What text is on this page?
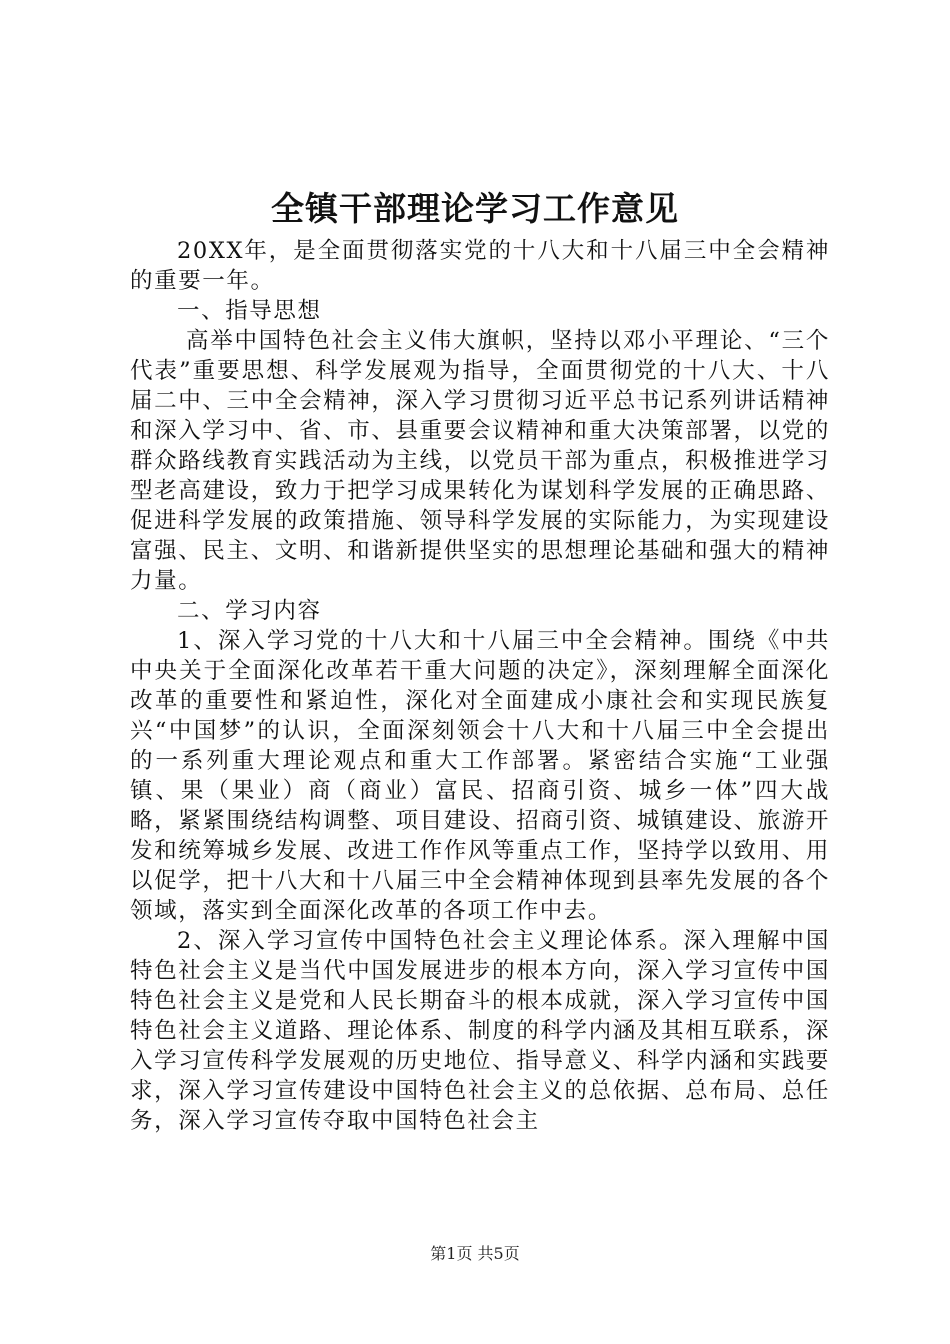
全镇干部理论学习工作意见

20XX年，是全面贯彻落实党的十八大和十八届三中全会精神的重要一年。

一、指导思想

高举中国特色社会主义伟大旗帜，坚持以邓小平理论、“三个代表”重要思想、科学发展观为指导，全面贯彻党的十八大、十八届二中、三中全会精神，深入学习贯彻习近平总书记系列讲话精神和深入学习中、省、市、县重要会议精神和重大决策部署，以党的群众路线教育实践活动为主线，以党员干部为重点，积极推进学习型老高建设，致力于把学习成果转化为谋划科学发展的正确思路、促进科学发展的政策措施、领导科学发展的实际能力，为实现建设富强、民主、文明、和谐新提供坚实的思想理论基础和强大的精神力量。

二、学习内容

1、深入学习党的十八大和十八届三中全会精神。围绕《中共中央关于全面深化改革若干重大问题的决定》，深刻理解全面深化改革的重要性和紧迫性，深化对全面建成小康社会和实现民族复兴“中国梦”的认识，全面深刻领会十八大和十八届三中全会提出的一系列重大理论观点和重大工作部署。紧密结合实施“工业强镇、果（果业）商（商业）富民、招商引资、城乡一体”四大战略，紧紧围绕结构调整、项目建设、招商引资、城镇建设、旅游开发和统筹城乡发展、改进工作作风等重点工作，坚持学以致用、用以促学，把十八大和十八届三中全会精神体现到县率先发展的各个领域，落实到全面深化改革的各项工作中去。

2、深入学习宣传中国特色社会主义理论体系。深入理解中国特色社会主义是当代中国发展进步的根本方向，深入学习宣传中国特色社会主义是党和人民长期奋斗的根本成就，深入学习宣传中国特色社会主义道路、理论体系、制度的科学内涵及其相互联系，深入学习宣传科学发展观的历史地位、指导意义、科学内涵和实践要求，深入学习宣传建设中国特色社会主义的总依据、总布局、总任务，深入学习宣传夺取中国特色社会主

第1页 共5页
